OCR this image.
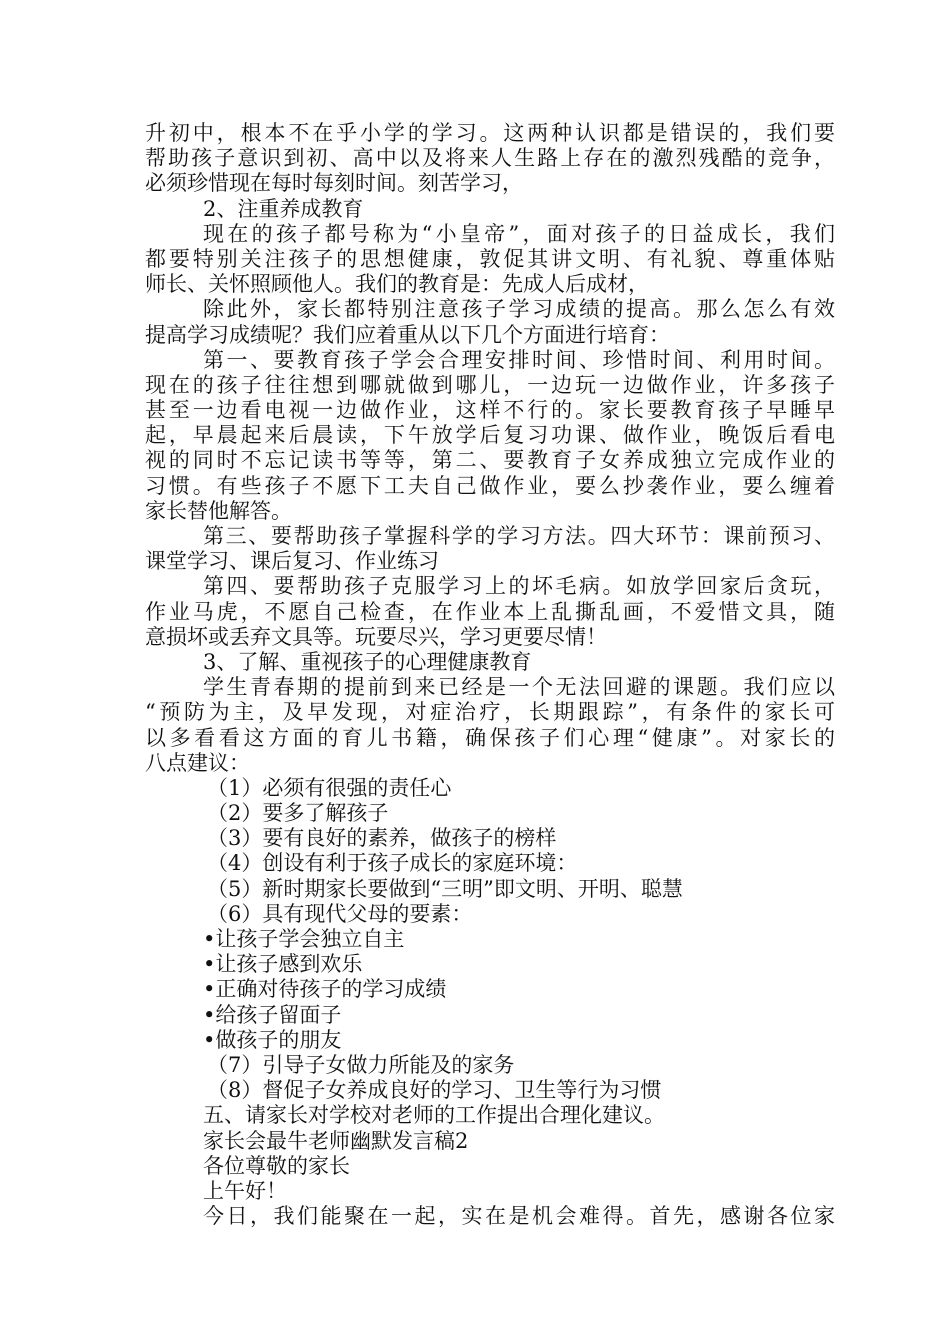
升初中，根本不在乎小学的学习。这两种认识都是错误的，我们要
帮助孩子意识到初、高中以及将来人生路上存在的激烈残酷的竞争，
必须珍惜现在每时每刻时间。刻苦学习，
2、注重养成教育
现在的孩子都号称为“小皇帝”，面对孩子的日益成长，我们
都要特别关注孩子的思想健康，敦促其讲文明、有礼貌、尊重体贴
师长、关怀照顾他人。我们的教育是：先成人后成材，
除此外，家长都特别注意孩子学习成绩的提高。那么怎么有效
提高学习成绩呢？我们应着重从以下几个方面进行培育：
第一、要教育孩子学会合理安排时间、珍惜时间、利用时间。
现在的孩子往往想到哪就做到哪儿，一边玩一边做作业，许多孩子
甚至一边看电视一边做作业，这样不行的。家长要教育孩子早睡早
起，早晨起来后晨读，下午放学后复习功课、做作业，晚饭后看电
视的同时不忘记读书等等，第二、要教育子女养成独立完成作业的
习惯。有些孩子不愿下工夫自己做作业，要么抄袭作业，要么缠着
家长替他解答。
第三、要帮助孩子掌握科学的学习方法。四大环节：课前预习、
课堂学习、课后复习、作业练习
第四、要帮助孩子克服学习上的坏毛病。如放学回家后贪玩，
作业马虎，不愿自己检查，在作业本上乱撕乱画，不爱惜文具，随
意损坏或丢弃文具等。玩要尽兴，学习更要尽情！
3、了解、重视孩子的心理健康教育
学生青春期的提前到来已经是一个无法回避的课题。我们应以
“预防为主，及早发现，对症治疗，长期跟踪”，有条件的家长可
以多看看这方面的育儿书籍，确保孩子们心理“健康”。对家长的
八点建议：
（1）必须有很强的责任心
（2）要多了解孩子
（3）要有良好的素养，做孩子的榜样
（4）创设有利于孩子成长的家庭环境：
（5）新时期家长要做到“三明”即文明、开明、聪慧
（6）具有现代父母的要素：
•让孩子学会独立自主
•让孩子感到欢乐
•正确对待孩子的学习成绩
•给孩子留面子
•做孩子的朋友
（7）引导子女做力所能及的家务
（8）督促子女养成良好的学习、卫生等行为习惯
五、请家长对学校对老师的工作提出合理化建议。
家长会最牛老师幽默发言稿2
各位尊敬的家长
上午好！
今日，我们能聚在一起，实在是机会难得。首先，感谢各位家
